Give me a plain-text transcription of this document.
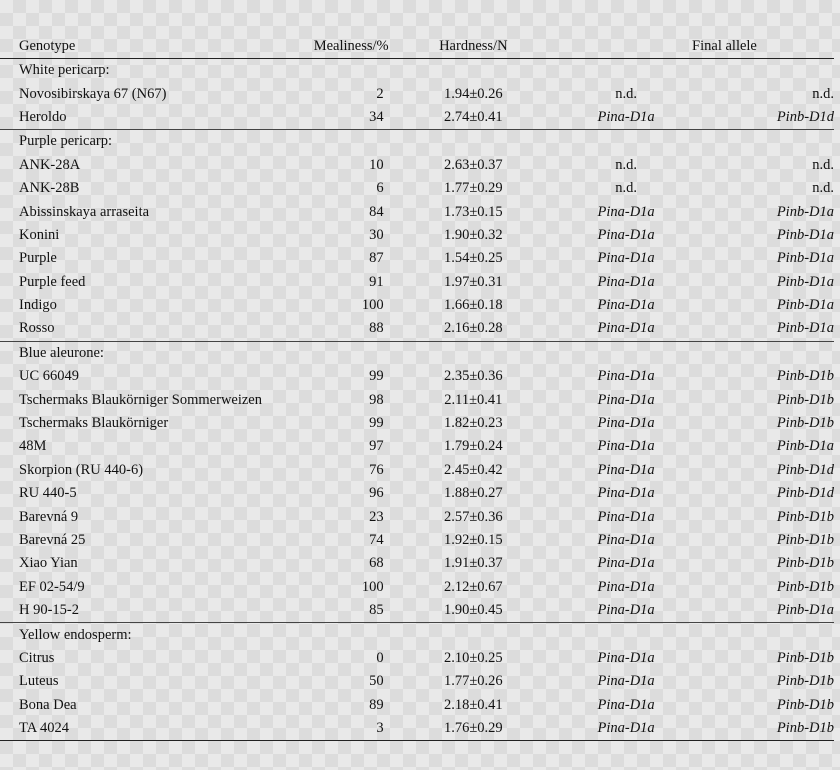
Genotype	Mealiness/%	Hardness/N	Final allele	
White pericarp:				
Novosibirskaya 67 (N67)	2	1.94±0.26	n.d.	n.d.
Heroldo	34	2.74±0.41	Pina-D1a	Pinb-D1d
Purple pericarp:				
ANK-28A	10	2.63±0.37	n.d.	n.d.
ANK-28B	6	1.77±0.29	n.d.	n.d.
Abissinskaya arraseita	84	1.73±0.15	Pina-D1a	Pinb-D1a
Konini	30	1.90±0.32	Pina-D1a	Pinb-D1a
Purple	87	1.54±0.25	Pina-D1a	Pinb-D1a
Purple feed	91	1.97±0.31	Pina-D1a	Pinb-D1a
Indigo	100	1.66±0.18	Pina-D1a	Pinb-D1a
Rosso	88	2.16±0.28	Pina-D1a	Pinb-D1a
Blue aleurone:				
UC 66049	99	2.35±0.36	Pina-D1a	Pinb-D1b
Tschermaks Blaukörniger Sommerweizen	98	2.11±0.41	Pina-D1a	Pinb-D1b
Tschermaks Blaukörniger	99	1.82±0.23	Pina-D1a	Pinb-D1b
48M	97	1.79±0.24	Pina-D1a	Pinb-D1a
Skorpion (RU 440-6)	76	2.45±0.42	Pina-D1a	Pinb-D1d
RU 440-5	96	1.88±0.27	Pina-D1a	Pinb-D1d
Barevná 9	23	2.57±0.36	Pina-D1a	Pinb-D1b
Barevná 25	74	1.92±0.15	Pina-D1a	Pinb-D1b
Xiao Yian	68	1.91±0.37	Pina-D1a	Pinb-D1b
EF 02-54/9	100	2.12±0.67	Pina-D1a	Pinb-D1b
H 90-15-2	85	1.90±0.45	Pina-D1a	Pinb-D1a
Yellow endosperm:				
Citrus	0	2.10±0.25	Pina-D1a	Pinb-D1b
Luteus	50	1.77±0.26	Pina-D1a	Pinb-D1b
Bona Dea	89	2.18±0.41	Pina-D1a	Pinb-D1b
TA 4024	3	1.76±0.29	Pina-D1a	Pinb-D1b
